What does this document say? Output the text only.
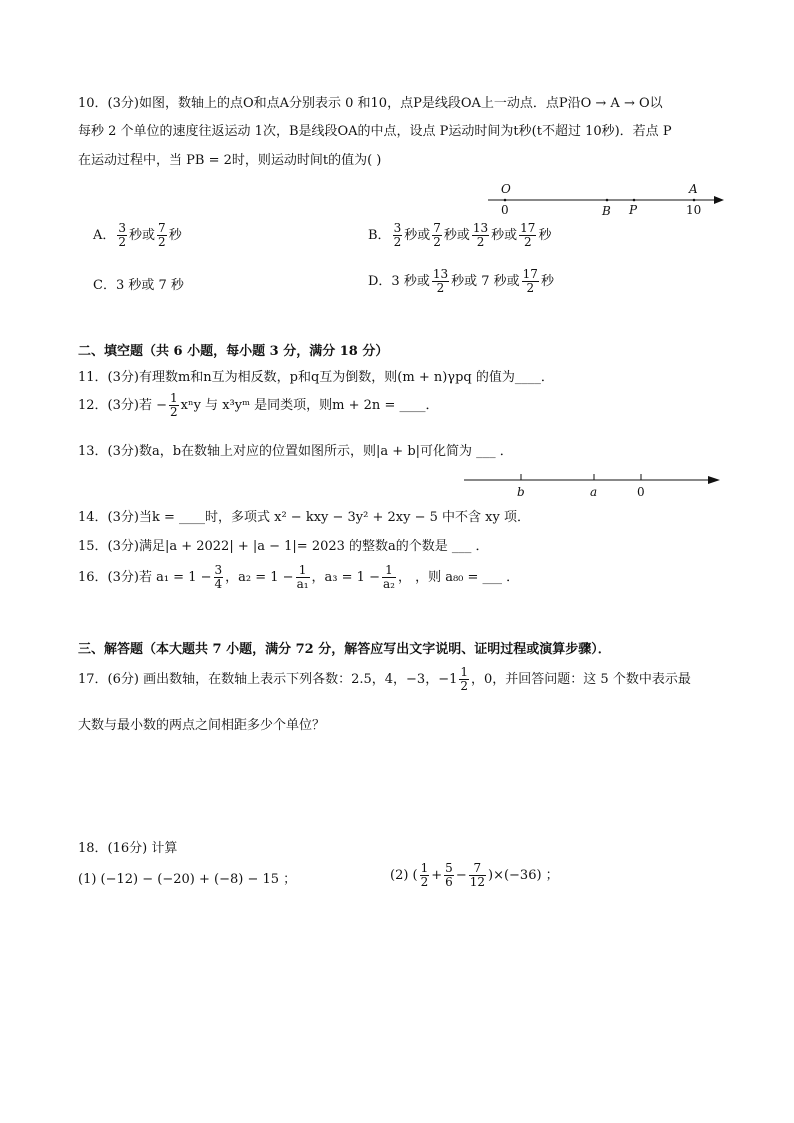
10．(3分)如图，数轴上的点O和点A分别表示 0 和10，点P是线段OA上一动点．点P沿O → A → O以
每秒 2 个单位的速度往返运动 1次，B是线段OA的中点，设点 P运动时间为t秒(t不超过 10秒)．若点 P
在运动过程中，当 PB = 2时，则运动时间t的值为( )
O
0	B P
A
10
A． $\frac{3}{2}$ 秒或 $\frac{7}{2}$ 秒	B． $\frac{3}{2}$ 秒或 $\frac{7}{2}$ 秒或 $\frac{13}{2}$ 秒或 $\frac{17}{2}$ 秒
C．3 秒或 7 秒	D．3 秒或 $\frac{13}{2}$ 秒或 7 秒或 $\frac{17}{2}$ 秒
二、填空题（共 6 小题，每小题 3 分，满分 18 分）
11．(3分)有理数m和n互为相反数，p和q互为倒数，则(m + n)γpq 的值为____．
12．(3分)若 − $\frac{1}{2}$ xⁿy 与 x³yᵐ 是同类项，则m + 2n = ____．
13．(3分)数a，b在数轴上对应的位置如图所示，则|a + b|可化简为 ___ ．
b	a	0
14．(3分)当k = ____时，多项式 x² − kxy − 3y² + 2xy − 5 中不含 xy 项．
15．(3分)满足|a + 2022| + |a − 1|= 2023 的整数a的个数是 ___ ．
16．(3分)若 $a_1 = 1 - \frac{3}{4}$ ，$a_2 = 1 - \frac{1}{\text{a₁}}$ ，$a_3 = 1 - \frac{1}{\text{a₂}}$ ， ，则 a₈₀ = ___ ．
三、解答题（本大题共 7 小题，满分 72 分，解答应写出文字说明、证明过程或演算步骤）．
17．(6分) 画出数轴，在数轴上表示下列各数：2.5，4，−3，$-1 \frac{1}{2}$ ，0，并回答问题：这 5 个数中表示最
大数与最小数的两点之间相距多少个单位？
18．(16分) 计算
(1) (−12) − (−20) + (−8) − 15 ；	(2) ( $\frac{1}{2} + \frac{5}{6} - \frac{7}{12} )\times(-36)$ ；
